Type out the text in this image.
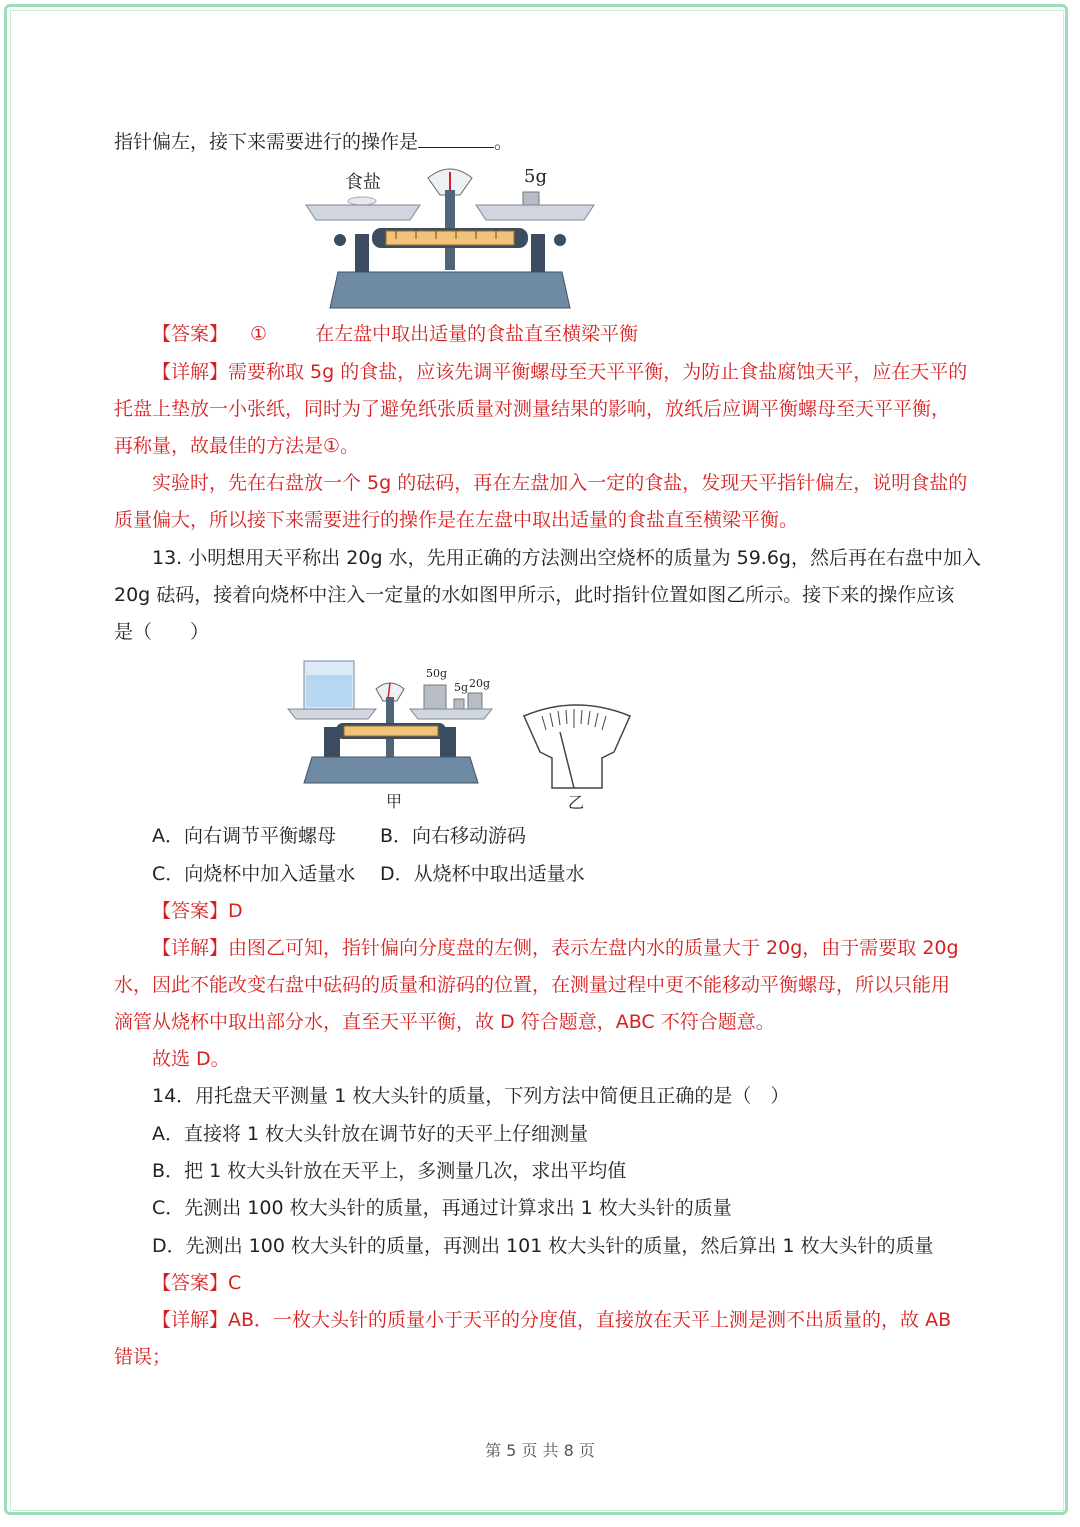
指针偏左，接下来需要进行的操作是	。
食盐	5g
【答案】 ①	在左盘中取出适量的食盐直至横梁平衡
【详解】需要称取 5g 的食盐，应该先调平衡螺母至天平平衡，为防止食盐腐蚀天平，应在天平的
托盘上垫放一小张纸，同时为了避免纸张质量对测量结果的影响，放纸后应调平衡螺母至天平平衡，
再称量，故最佳的方法是①。
实验时，先在右盘放一个 5g 的砝码，再在左盘加入一定的食盐，发现天平指针偏左，说明食盐的
质量偏大，所以接下来需要进行的操作是在左盘中取出适量的食盐直至横梁平衡。
13. 小明想用天平称出 20g 水，先用正确的方法测出空烧杯的质量为 59.6g，然后再在右盘中加入
20g 砝码，接着向烧杯中注入一定量的水如图甲所示，此时指针位置如图乙所示。接下来的操作应该
是（　　）
50g
5g 20g
甲	乙
A．向右调节平衡螺母 B．向右移动游码
C．向烧杯中加入适量水 D．从烧杯中取出适量水
【答案】D
【详解】由图乙可知，指针偏向分度盘的左侧，表示左盘内水的质量大于 20g，由于需要取 20g
水，因此不能改变右盘中砝码的质量和游码的位置，在测量过程中更不能移动平衡螺母，所以只能用
滴管从烧杯中取出部分水，直至天平平衡，故 D 符合题意，ABC 不符合题意。
故选 D。
14．用托盘天平测量 1 枚大头针的质量，下列方法中简便且正确的是（　）
A．直接将 1 枚大头针放在调节好的天平上仔细测量
B．把 1 枚大头针放在天平上，多测量几次，求出平均值
C．先测出 100 枚大头针的质量，再通过计算求出 1 枚大头针的质量
D．先测出 100 枚大头针的质量，再测出 101 枚大头针的质量，然后算出 1 枚大头针的质量
【答案】C
【详解】AB．一枚大头针的质量小于天平的分度值，直接放在天平上测是测不出质量的，故 AB
错误；
第 5 页 共 8 页
